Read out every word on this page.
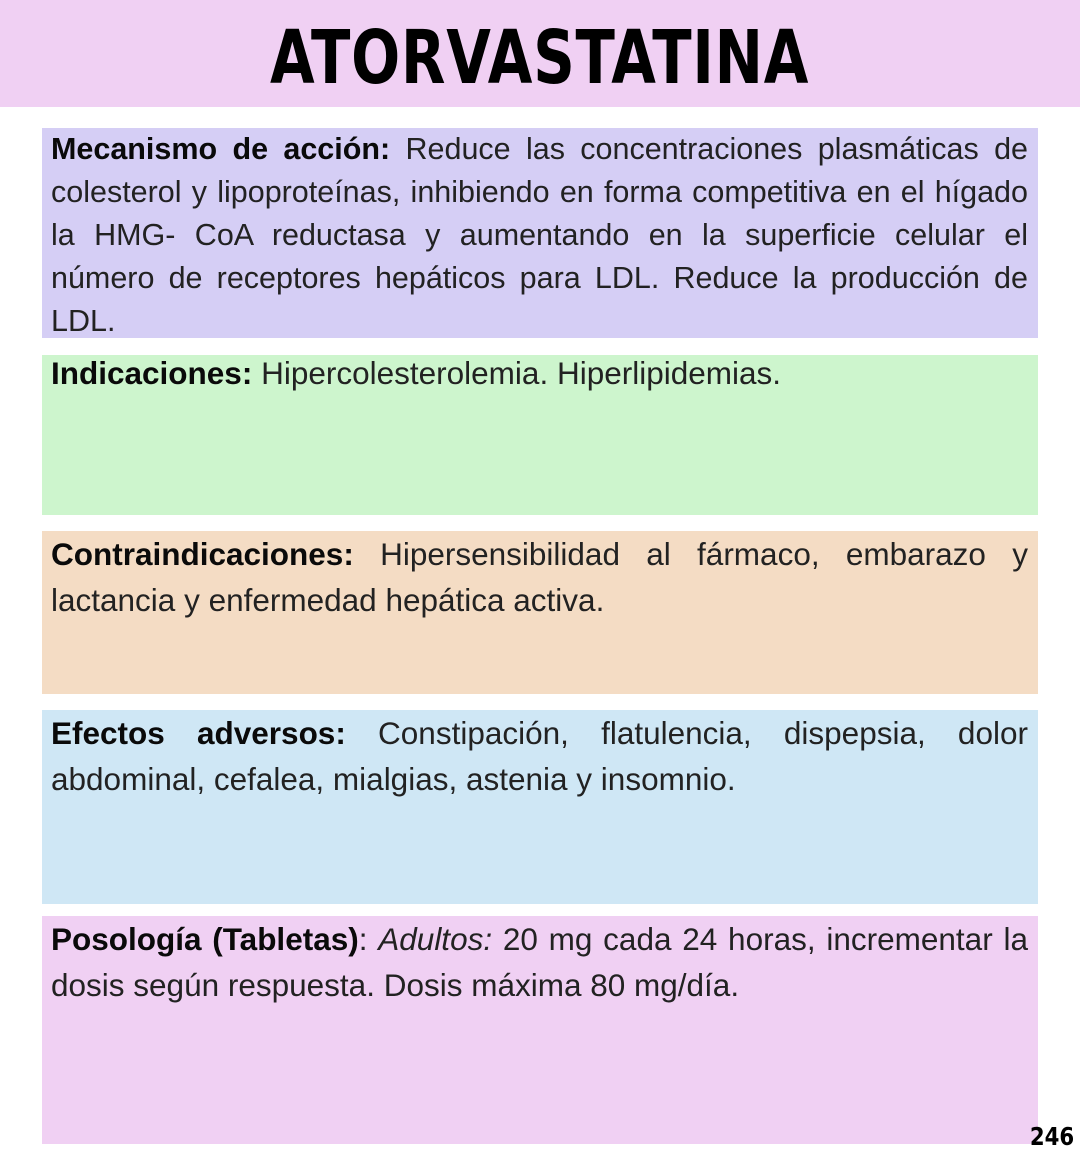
ATORVASTATINA

Mecanismo de acción: Reduce las concentraciones plasmáticas de colesterol y lipoproteínas, inhibiendo en forma competitiva en el hígado la HMG- CoA reductasa y aumentando en la superficie celular el número de receptores hepáticos para LDL. Reduce la producción de LDL.

Indicaciones: Hipercolesterolemia. Hiperlipidemias.

Contraindicaciones: Hipersensibilidad al fármaco, embarazo y lactancia y enfermedad hepática activa.

Efectos adversos: Constipación, flatulencia, dispepsia, dolor abdominal, cefalea, mialgias, astenia y insomnio.

Posología (Tabletas): Adultos: 20 mg cada 24 horas, incrementar la dosis según respuesta. Dosis máxima 80 mg/día.

246
